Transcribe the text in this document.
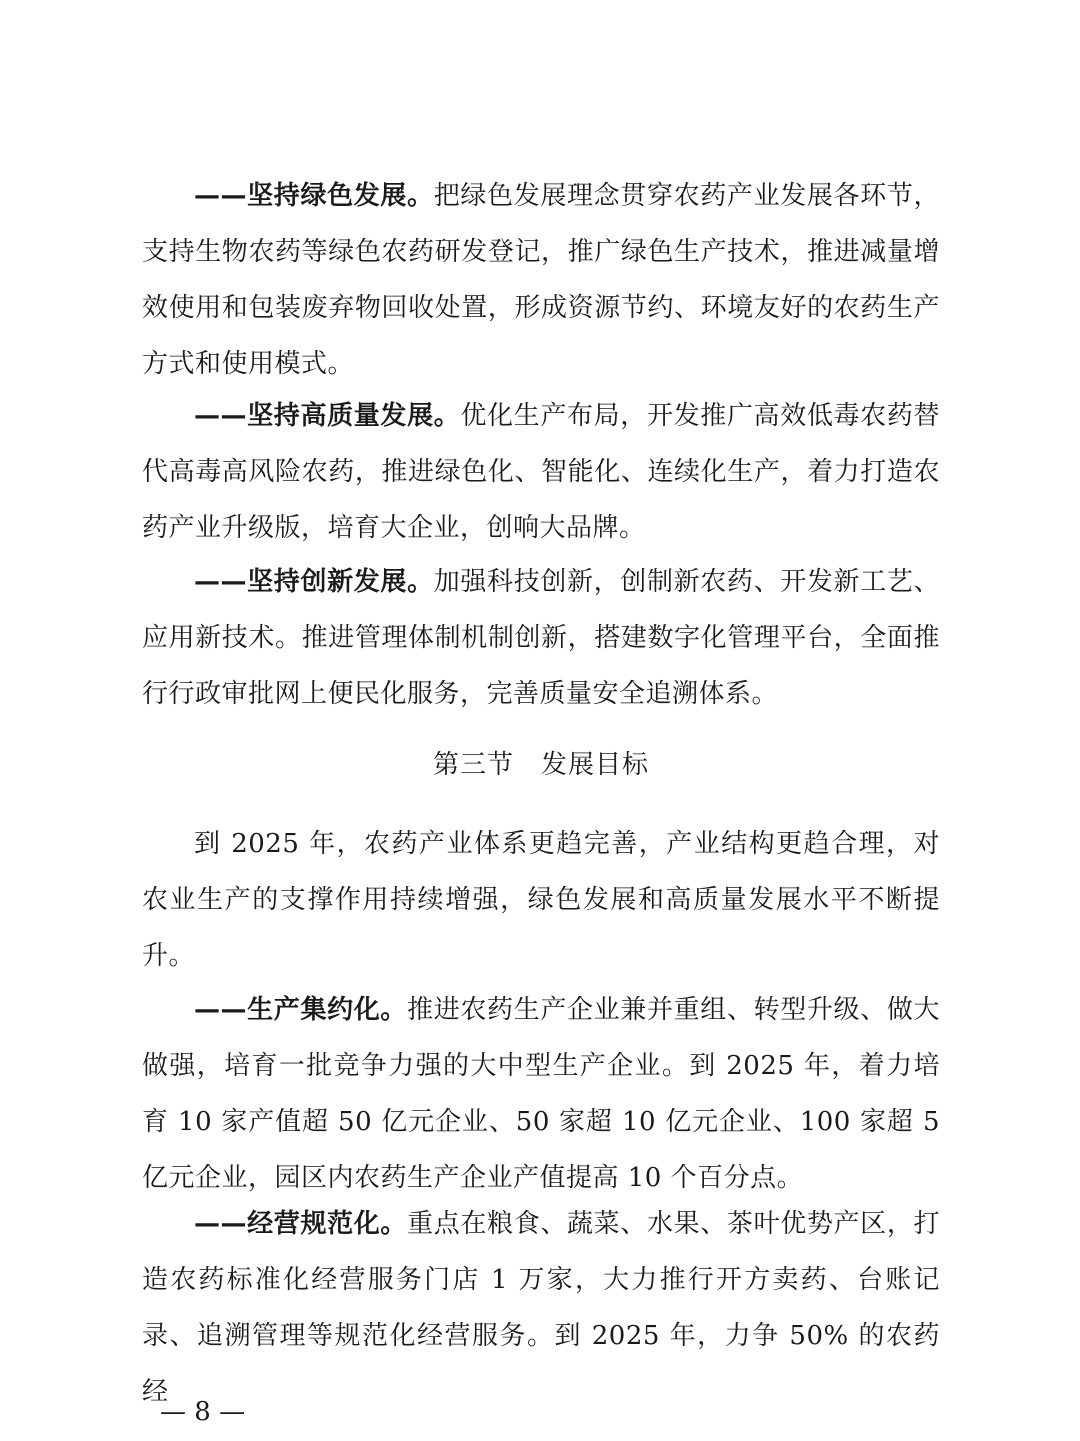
——坚持绿色发展。把绿色发展理念贯穿农药产业发展各环节，支持生物农药等绿色农药研发登记，推广绿色生产技术，推进减量增效使用和包装废弃物回收处置，形成资源节约、环境友好的农药生产方式和使用模式。

——坚持高质量发展。优化生产布局，开发推广高效低毒农药替代高毒高风险农药，推进绿色化、智能化、连续化生产，着力打造农药产业升级版，培育大企业，创响大品牌。

——坚持创新发展。加强科技创新，创制新农药、开发新工艺、应用新技术。推进管理体制机制创新，搭建数字化管理平台，全面推行行政审批网上便民化服务，完善质量安全追溯体系。

第三节　发展目标

到 2025 年，农药产业体系更趋完善，产业结构更趋合理，对农业生产的支撑作用持续增强，绿色发展和高质量发展水平不断提升。

——生产集约化。推进农药生产企业兼并重组、转型升级、做大做强，培育一批竞争力强的大中型生产企业。到 2025 年，着力培育 10 家产值超 50 亿元企业、50 家超 10 亿元企业、100 家超 5 亿元企业，园区内农药生产企业产值提高 10 个百分点。

——经营规范化。重点在粮食、蔬菜、水果、茶叶优势产区，打造农药标准化经营服务门店 1 万家，大力推行开方卖药、台账记录、追溯管理等规范化经营服务。到 2025 年，力争 50% 的农药经

— 8 —
